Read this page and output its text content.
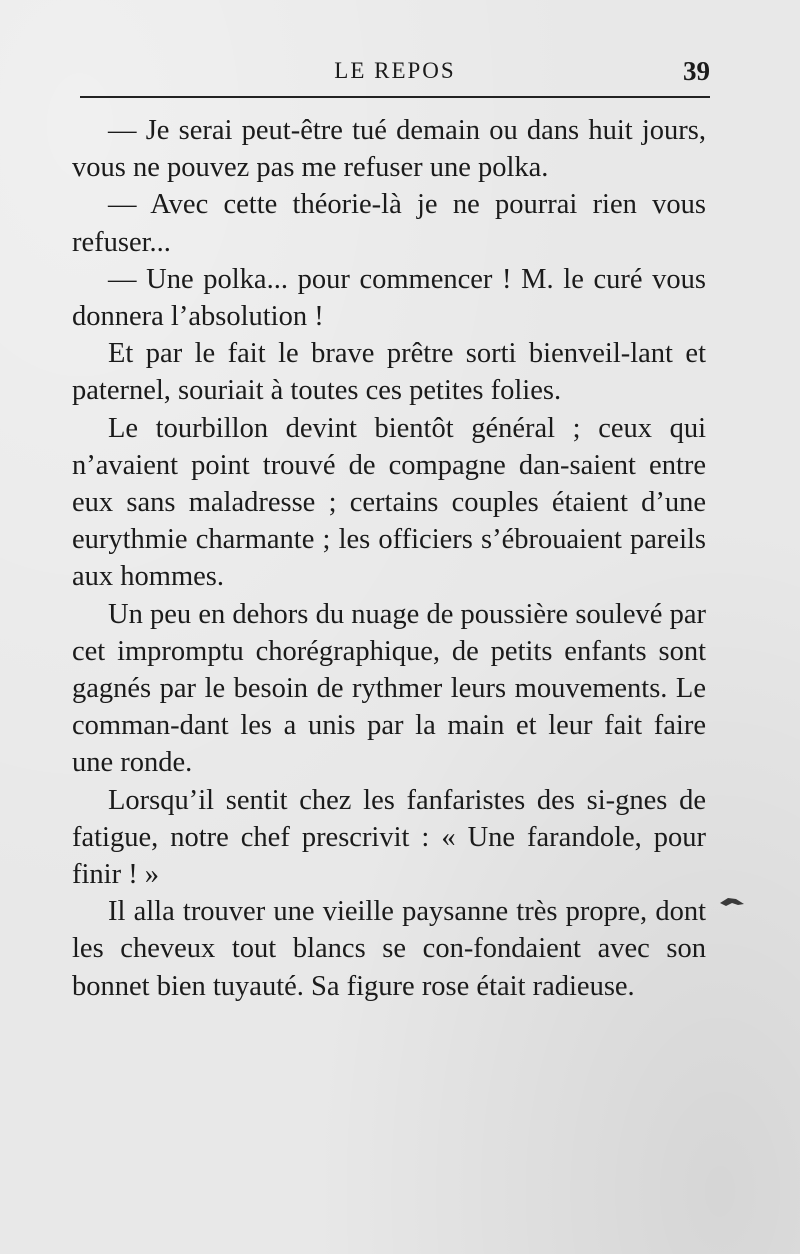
LE REPOS	39

— Je serai peut-être tué demain ou dans huit jours, vous ne pouvez pas me refuser une polka.

— Avec cette théorie-là je ne pourrai rien vous refuser...

— Une polka... pour commencer ! M. le curé vous donnera l’absolution !

Et par le fait le brave prêtre sorti bienveil-lant et paternel, souriait à toutes ces petites folies.

Le tourbillon devint bientôt général ; ceux qui n’avaient point trouvé de compagne dan-saient entre eux sans maladresse ; certains couples étaient d’une eurythmie charmante ; les officiers s’ébrouaient pareils aux hommes.

Un peu en dehors du nuage de poussière soulevé par cet impromptu chorégraphique, de petits enfants sont gagnés par le besoin de rythmer leurs mouvements. Le comman-dant les a unis par la main et leur fait faire une ronde.

Lorsqu’il sentit chez les fanfaristes des si-gnes de fatigue, notre chef prescrivit : « Une farandole, pour finir ! »

Il alla trouver une vieille paysanne très propre, dont les cheveux tout blancs se con-fondaient avec son bonnet bien tuyauté. Sa figure rose était radieuse.
